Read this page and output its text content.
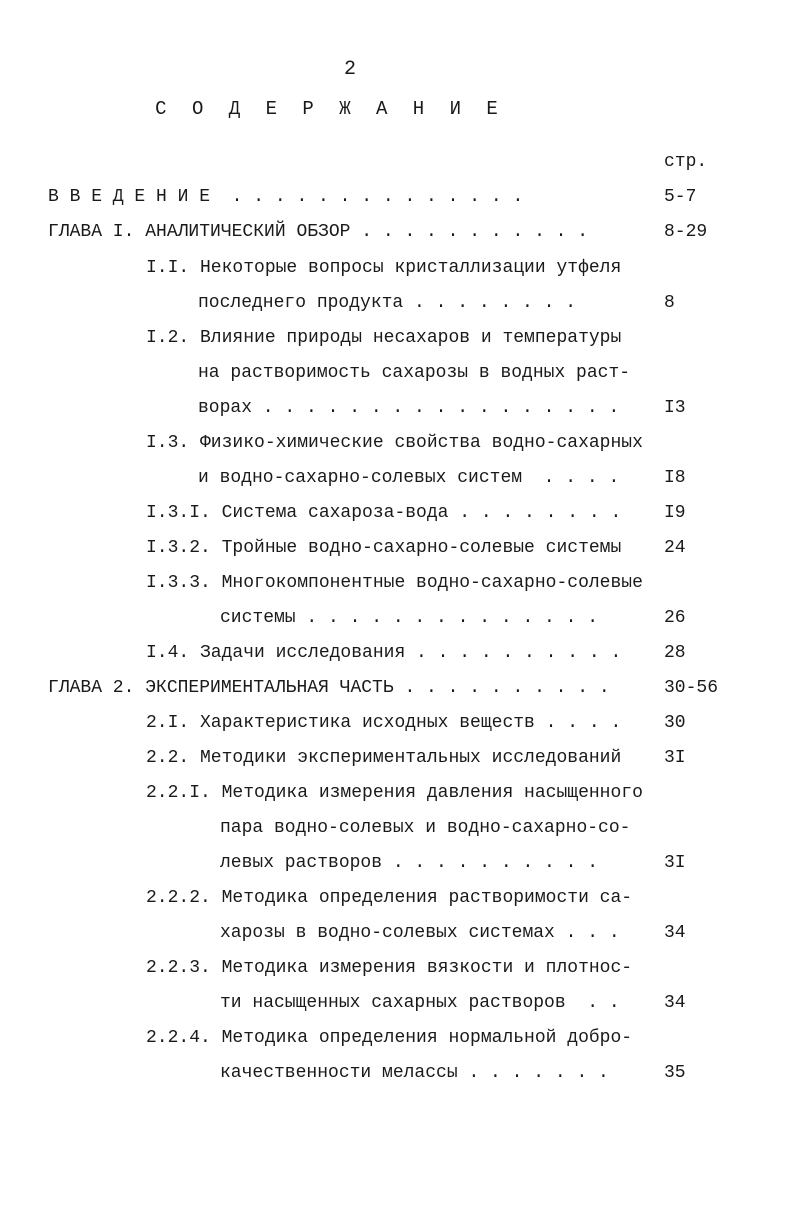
2
С О Д Е Р Ж А Н И Е
стр.
В В Е Д Е Н И Е  . . . . . . . . . . . . . .	5-7
ГЛАВА I. АНАЛИТИЧЕСКИЙ ОБЗОР . . . . . . . . . . .	8-29
I.I. Некоторые вопросы кристаллизации утфеля
последнего продукта . . . . . . . .	8
I.2. Влияние природы несахаров и температуры
на растворимость сахарозы в водных раст-
ворах . . . . . . . . . . . . . . . . . I3
I.3. Физико-химические свойства водно-сахарных
и водно-сахарно-солевых систем  . . . . I8
I.3.I. Система сахароза-вода . . . . . . . . I9
I.3.2. Тройные водно-сахарно-солевые системы 24
I.3.3. Многокомпонентные водно-сахарно-солевые
системы . . . . . . . . . . . . . .	26
I.4. Задачи исследования . . . . . . . . . . 28
ГЛАВА 2. ЭКСПЕРИМЕНТАЛЬНАЯ ЧАСТЬ . . . . . . . . . .	30-56
2.I. Характеристика исходных веществ . . . . 30
2.2. Методики экспериментальных исследований 3I
2.2.I. Методика измерения давления насыщенного
пара водно-солевых и водно-сахарно-со-
левых растворов . . . . . . . . . .	3I
2.2.2. Методика определения растворимости са-
харозы в водно-солевых системах . . . 34
2.2.3. Методика измерения вязкости и плотнос-
ти насыщенных сахарных растворов  . . 34
2.2.4. Методика определения нормальной добро-
качественности мелассы . . . . . . .	35
